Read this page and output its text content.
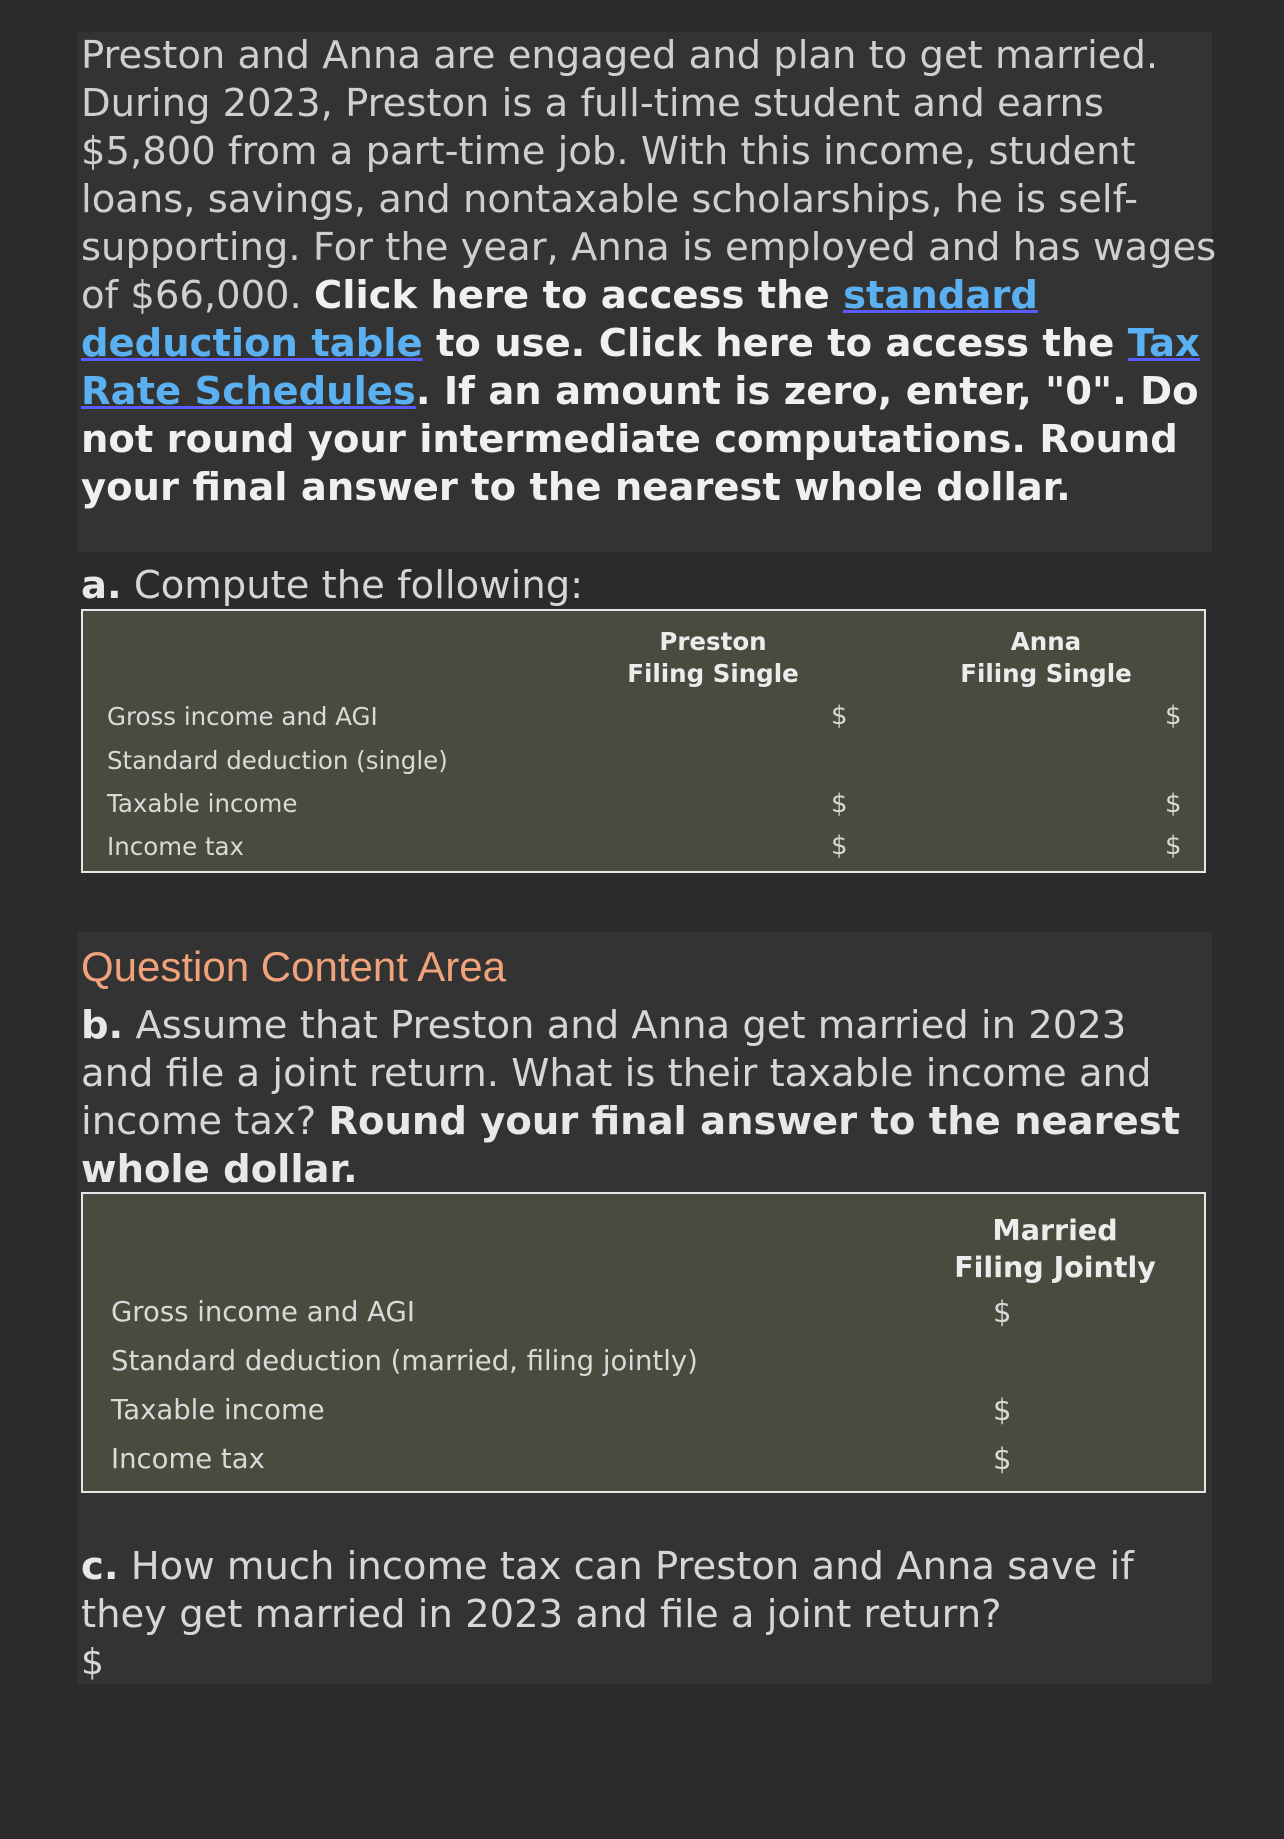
Preston and Anna are engaged and plan to get married. During 2023, Preston is a full-time student and earns $5,800 from a part-time job. With this income, student loans, savings, and nontaxable scholarships, he is self-supporting. For the year, Anna is employed and has wages of $66,000. Click here to access the standard deduction table to use. Click here to access the Tax Rate Schedules. If an amount is zero, enter, "0". Do not round your intermediate computations. Round your final answer to the nearest whole dollar.
a. Compute the following:
Preston
Filing Single
Anna
Filing Single
Gross income and AGI
Standard deduction (single)
Taxable income
Income tax
$
$
$
$
$
$
Question Content Area
b. Assume that Preston and Anna get married in 2023 and file a joint return. What is their taxable income and income tax? Round your final answer to the nearest whole dollar.
Married
Filing Jointly
Gross income and AGI
Standard deduction (married, filing jointly)
Taxable income
Income tax
$
$
$
c. How much income tax can Preston and Anna save if they get married in 2023 and file a joint return?
$
